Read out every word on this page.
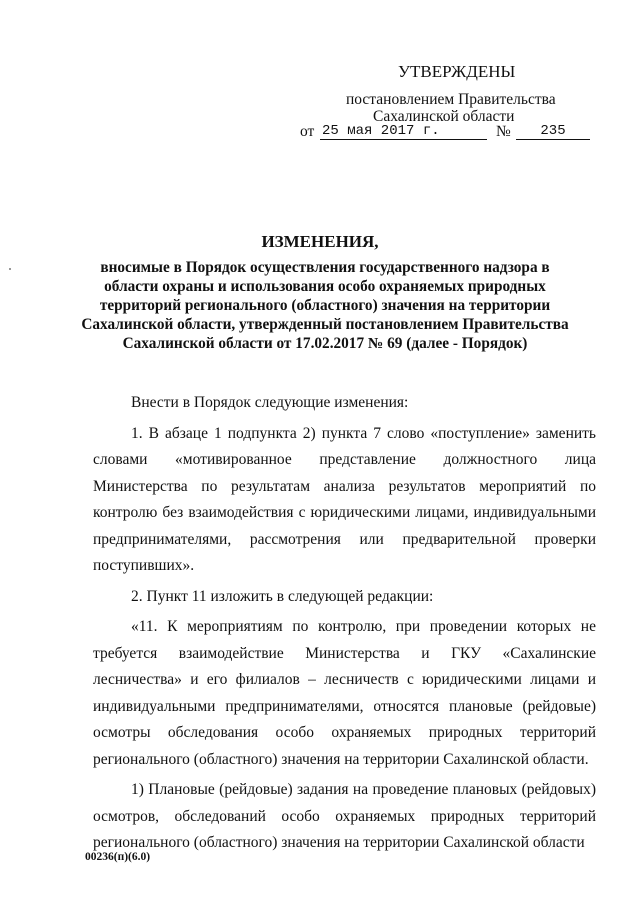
УТВЕРЖДЕНЫ
постановлением Правительства
Сахалинской области
от 25 мая 2017 г.	№	235
ИЗМЕНЕНИЯ,
вносимые в Порядок осуществления государственного надзора в области охраны и использования особо охраняемых природных территорий регионального (областного) значения на территории Сахалинской области, утвержденный постановлением Правительства Сахалинской области от 17.02.2017 № 69 (далее - Порядок)

Внести в Порядок следующие изменения:

1. В абзаце 1 подпункта 2) пункта 7 слово «поступление» заменить словами «мотивированное представление должностного лица Министерства по результатам анализа результатов мероприятий по контролю без взаимодействия с юридическими лицами, индивидуальными предпринимателями, рассмотрения или предварительной проверки поступивших».

2. Пункт 11 изложить в следующей редакции:

«11. К мероприятиям по контролю, при проведении которых не требуется взаимодействие Министерства и ГКУ «Сахалинские лесничества» и его филиалов – лесничеств с юридическими лицами и индивидуальными предпринимателями, относятся плановые (рейдовые) осмотры обследования особо охраняемых природных территорий регионального (областного) значения на территории Сахалинской области.

1) Плановые (рейдовые) задания на проведение плановых (рейдовых) осмотров, обследований особо охраняемых природных территорий регионального (областного) значения на территории Сахалинской области

00236(п)(6.0)
